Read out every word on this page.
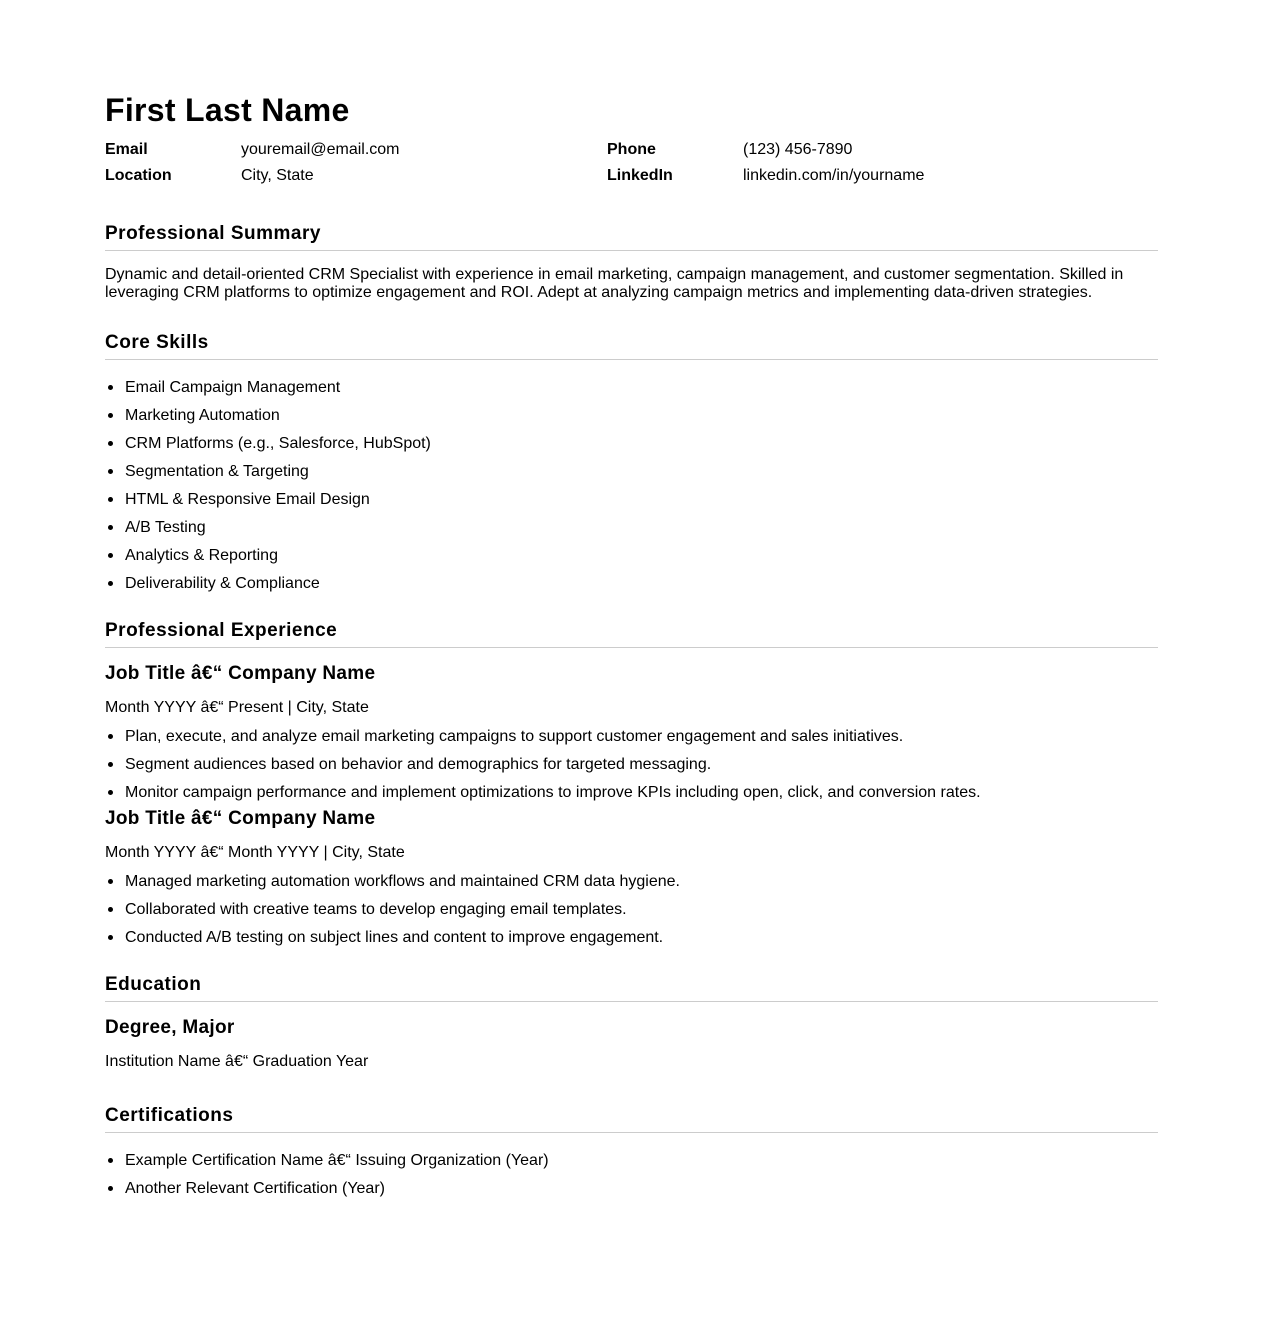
First Last Name
Email	youremail@email.com	Phone	(123) 456-7890
Location	City, State	LinkedIn	linkedin.com/in/yourname
Professional Summary

Dynamic and detail-oriented CRM Specialist with experience in email marketing, campaign management, and customer segmentation. Skilled in leveraging CRM platforms to optimize engagement and ROI. Adept at analyzing campaign metrics and implementing data-driven strategies.

Core Skills
Email Campaign Management
Marketing Automation
CRM Platforms (e.g., Salesforce, HubSpot)
Segmentation & Targeting
HTML & Responsive Email Design
A/B Testing
Analytics & Reporting
Deliverability & Compliance
Professional Experience
Job Title â€“ Company Name

Month YYYY â€“ Present | City, State

Plan, execute, and analyze email marketing campaigns to support customer engagement and sales initiatives.
Segment audiences based on behavior and demographics for targeted messaging.
Monitor campaign performance and implement optimizations to improve KPIs including open, click, and conversion rates.
Job Title â€“ Company Name

Month YYYY â€“ Month YYYY | City, State

Managed marketing automation workflows and maintained CRM data hygiene.
Collaborated with creative teams to develop engaging email templates.
Conducted A/B testing on subject lines and content to improve engagement.
Education
Degree, Major

Institution Name â€“ Graduation Year

Certifications
Example Certification Name â€“ Issuing Organization (Year)
Another Relevant Certification (Year)
